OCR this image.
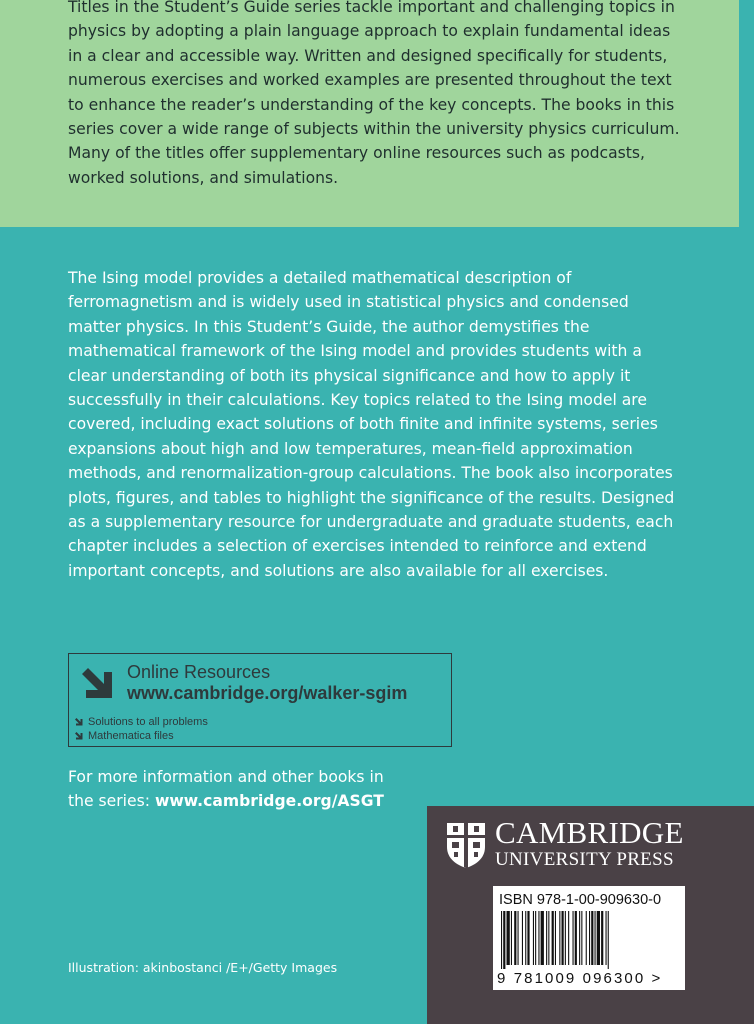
Titles in the Student’s Guide series tackle important and challenging topics in
physics by adopting a plain language approach to explain fundamental ideas
in a clear and accessible way. Written and designed specifically for students,
numerous exercises and worked examples are presented throughout the text
to enhance the reader’s understanding of the key concepts. The books in this
series cover a wide range of subjects within the university physics curriculum.
Many of the titles offer supplementary online resources such as podcasts,
worked solutions, and simulations.

The Ising model provides a detailed mathematical description of
ferromagnetism and is widely used in statistical physics and condensed
matter physics. In this Student’s Guide, the author demystifies the
mathematical framework of the Ising model and provides students with a
clear understanding of both its physical significance and how to apply it
successfully in their calculations. Key topics related to the Ising model are
covered, including exact solutions of both finite and infinite systems, series
expansions about high and low temperatures, mean-field approximation
methods, and renormalization-group calculations. The book also incorporates
plots, figures, and tables to highlight the significance of the results. Designed
as a supplementary resource for undergraduate and graduate students, each
chapter includes a selection of exercises intended to reinforce and extend
important concepts, and solutions are also available for all exercises.

Online Resources
www.cambridge.org/walker-sgim
Solutions to all problems
Mathematica files

For more information and other books in the series: www.cambridge.org/ASGT

Illustration: akinbostanci /E+/Getty Images
CAMBRIDGE
UNIVERSITY PRESS
ISBN 978-1-00-909630-0
9 781009 096300 >
